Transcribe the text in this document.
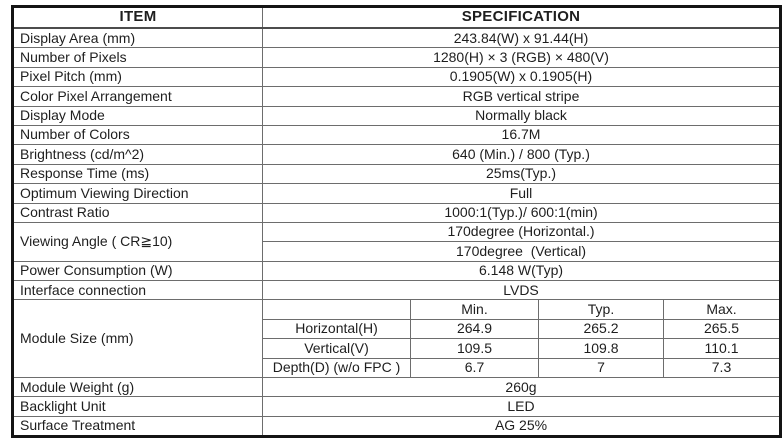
ITEM	SPECIFICATION			
Display Area (mm)	243.84(W) x 91.44(H)			
Number of Pixels	1280(H) × 3 (RGB) × 480(V)			
Pixel Pitch (mm)	0.1905(W) x 0.1905(H)			
Color Pixel Arrangement	RGB vertical stripe			
Display Mode	Normally black			
Number of Colors	16.7M			
Brightness (cd/m^2)	640 (Min.) / 800 (Typ.)			
Response Time (ms)	25ms(Typ.)			
Optimum Viewing Direction	Full			
Contrast Ratio	1000:1(Typ.)/ 600:1(min)			
Viewing Angle ( CR≧10)	170degree (Horizontal.)			
	170degree  (Vertical)			
Power Consumption (W)	6.148 W(Typ)			
Interface connection	LVDS			
Module Size (mm)		Min.	Typ.	Max.
	Horizontal(H)	264.9	265.2	265.5
	Vertical(V)	109.5	109.8	110.1
	Depth(D) (w/o FPC )	6.7	7	7.3
Module Weight (g)	260g			
Backlight Unit	LED			
Surface Treatment	AG 25%			
